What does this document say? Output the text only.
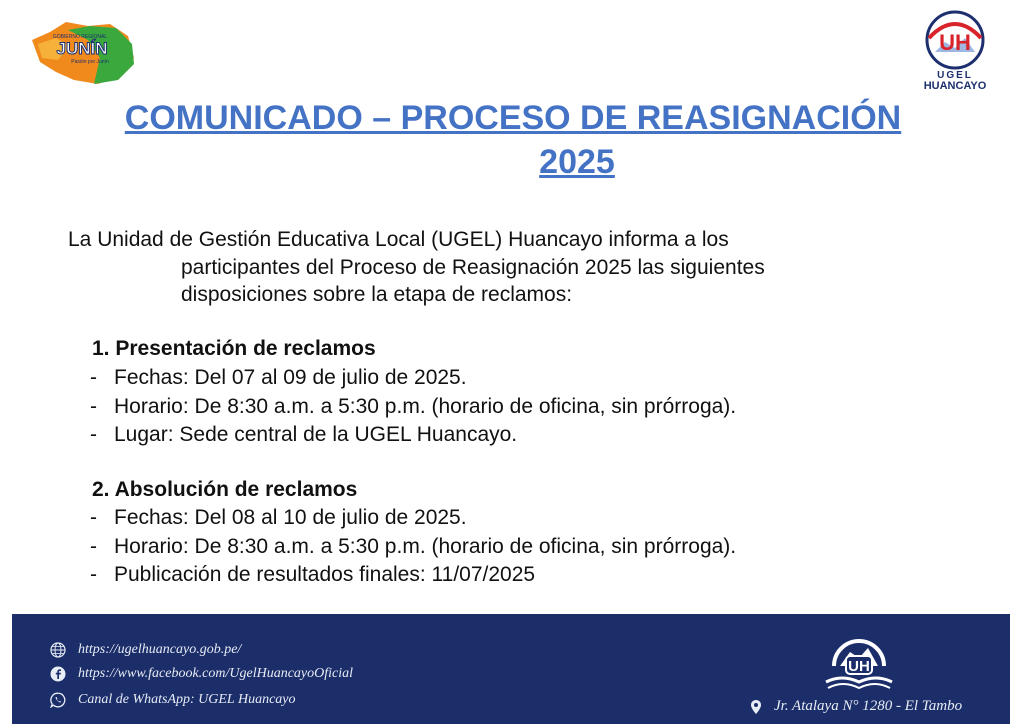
GOBIERNO REGIONAL
JUNÍN
Pasión por Junín
UH
UGEL
HUANCAYO
COMUNICADO – PROCESO DE REASIGNACIÓN
2025
La Unidad de Gestión Educativa Local (UGEL) Huancayo informa a los
participantes del Proceso de Reasignación 2025 las siguientes
disposiciones sobre la etapa de reclamos:
1. Presentación de reclamos
- Fechas: Del 07 al 09 de julio de 2025.
- Horario: De 8:30 a.m. a 5:30 p.m. (horario de oficina, sin prórroga).
- Lugar: Sede central de la UGEL Huancayo.
2. Absolución de reclamos
- Fechas: Del 08 al 10 de julio de 2025.
- Horario: De 8:30 a.m. a 5:30 p.m. (horario de oficina, sin prórroga).
- Publicación de resultados finales: 11/07/2025
https://ugelhuancayo.gob.pe/
https://www.facebook.com/UgelHuancayoOficial
Canal de WhatsApp: UGEL Huancayo
UH
Jr. Atalaya N° 1280 - El Tambo
